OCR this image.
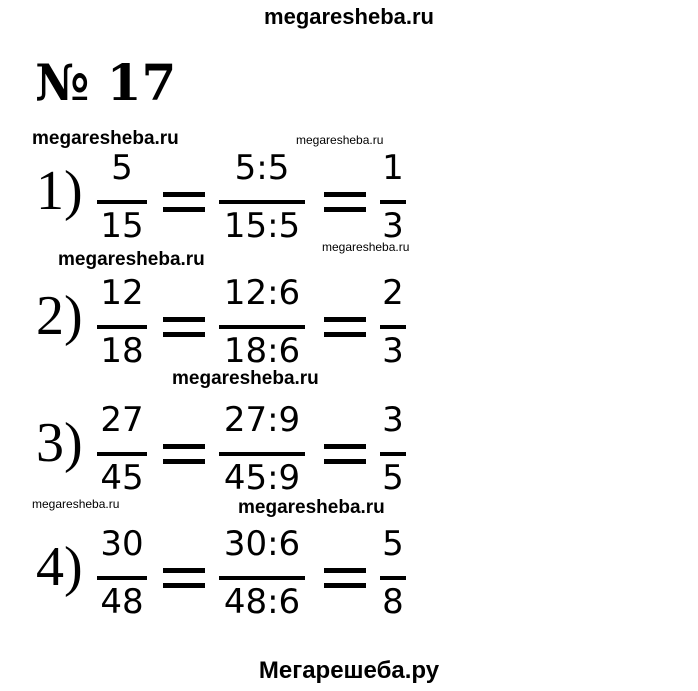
megaresheba.ru
№ 17
megaresheba.ru	megaresheba.ru
1) 5
15
5:5
15:5
1
3
megaresheba.ru
megaresheba.ru
2) 12
18
12:6
18:6
2
3
megaresheba.ru
3) 27
45
27:9
45:9
3
5
megaresheba.ru	megaresheba.ru
4) 30
48
30:6
48:6
5
8
Мегарешеба.ру
